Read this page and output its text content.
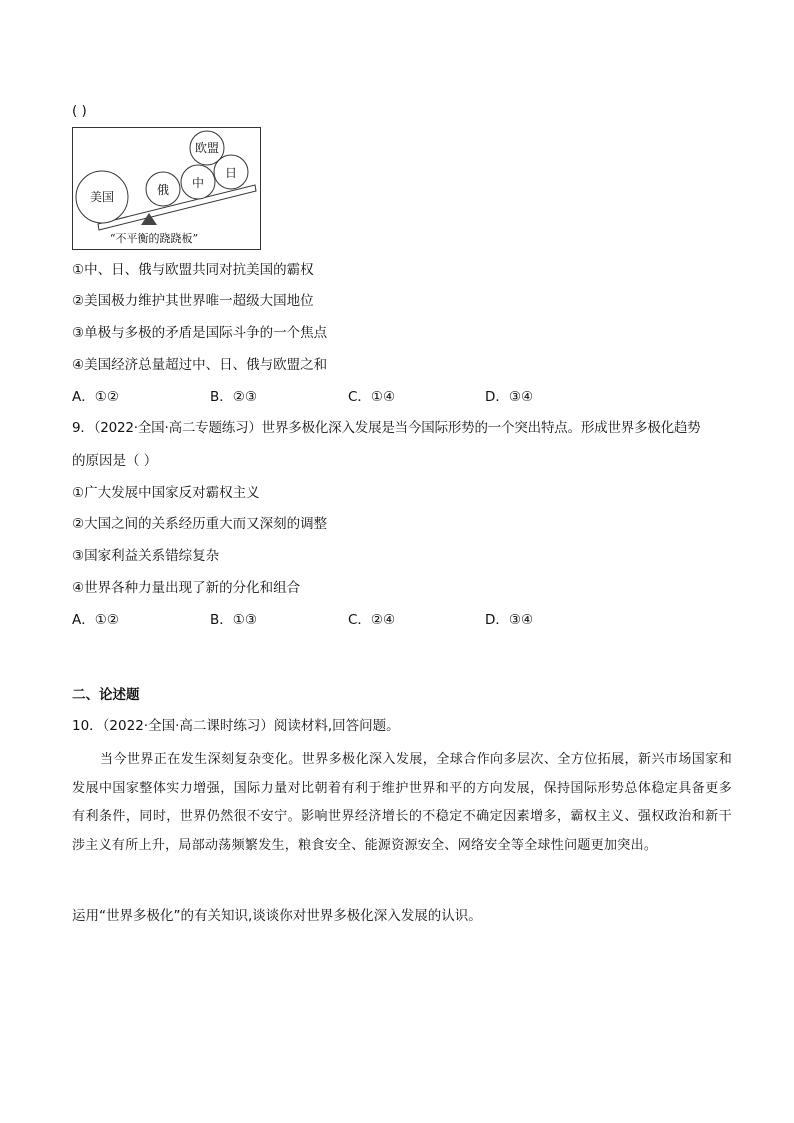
( )
美国	俄 中
欧盟
日
“不平衡的跷跷板”
①中、日、俄与欧盟共同对抗美国的霸权
②美国极力维护其世界唯一超级大国地位
③单极与多极的矛盾是国际斗争的一个焦点
④美国经济总量超过中、日、俄与欧盟之和
A．①②	B．②③	C．①④	D．③④
9．（2022·全国·高二专题练习）世界多极化深入发展是当今国际形势的一个突出特点。形成世界多极化趋势
的原因是（ ）
①广大发展中国家反对霸权主义
②大国之间的关系经历重大而又深刻的调整
③国家利益关系错综复杂
④世界各种力量出现了新的分化和组合
A．①②	B．①③	C．②④	D．③④
二、论述题
10．（2022·全国·高二课时练习）阅读材料,回答问题。
当今世界正在发生深刻复杂变化。世界多极化深入发展，全球合作向多层次、全方位拓展，新兴市场国家和发展中国家整体实力增强，国际力量对比朝着有利于维护世界和平的方向发展，保持国际形势总体稳定具备更多有利条件，同时，世界仍然很不安宁。影响世界经济增长的不稳定不确定因素增多，霸权主义、强权政治和新干涉主义有所上升，局部动荡频繁发生，粮食安全、能源资源安全、网络安全等全球性问题更加突出。
运用“世界多极化”的有关知识,谈谈你对世界多极化深入发展的认识。
